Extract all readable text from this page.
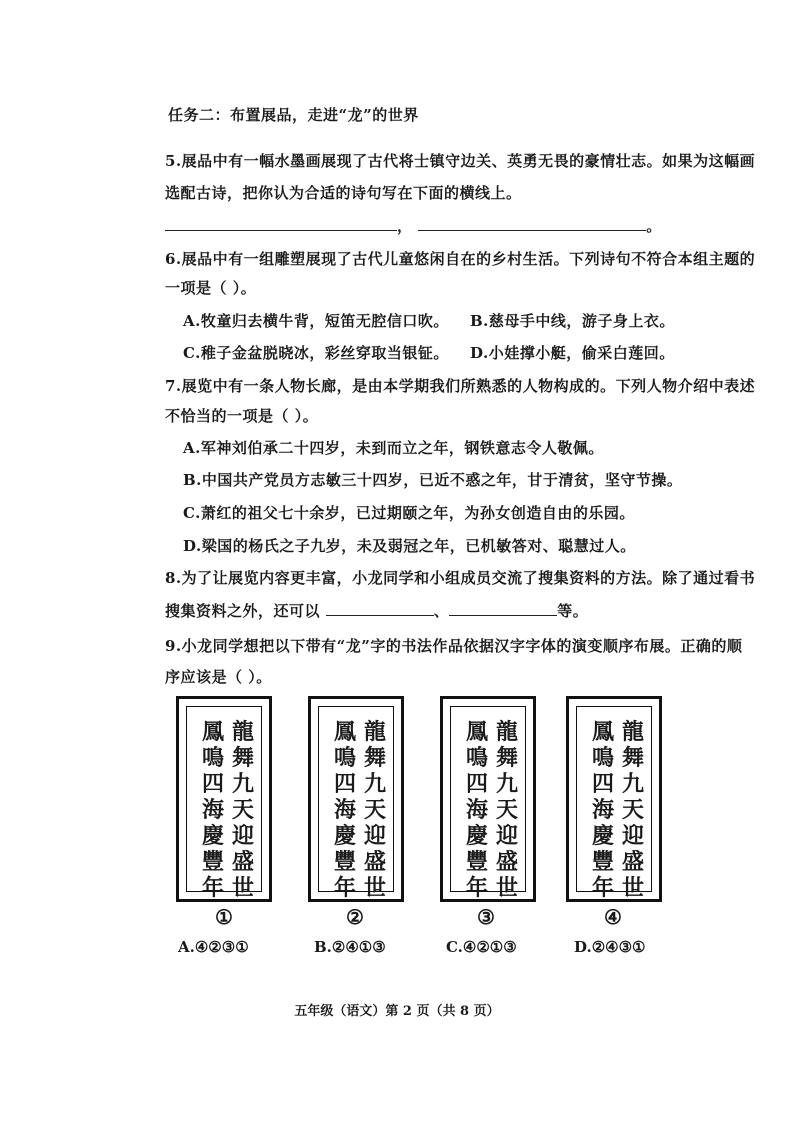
任务二：布置展品，走进“龙”的世界
5.展品中有一幅水墨画展现了古代将士镇守边关、英勇无畏的豪情壮志。如果为这幅画
选配古诗，把你认为合适的诗句写在下面的横线上。
，	。
6.展品中有一组雕塑展现了古代儿童悠闲自在的乡村生活。下列诗句不符合本组主题的
一项是（ ）。
A.牧童归去横牛背，短笛无腔信口吹。 B.慈母手中线，游子身上衣。
C.稚子金盆脱晓冰，彩丝穿取当银钲。 D.小娃撑小艇，偷采白莲回。
7.展览中有一条人物长廊，是由本学期我们所熟悉的人物构成的。下列人物介绍中表述
不恰当的一项是（ ）。
A.军神刘伯承二十四岁，未到而立之年，钢铁意志令人敬佩。
B.中国共产党员方志敏三十四岁，已近不惑之年，甘于清贫，坚守节操。
C.萧红的祖父七十余岁，已过期颐之年，为孙女创造自由的乐园。
D.梁国的杨氏之子九岁，未及弱冠之年，已机敏答对、聪慧过人。
8.为了让展览内容更丰富，小龙同学和小组成员交流了搜集资料的方法。除了通过看书
搜集资料之外，还可以	、	等。
9.小龙同学想把以下带有“龙”字的书法作品依据汉字字体的演变顺序布展。正确的顺
序应该是（ ）。
鳳鳴四海慶豐年
龍舞九天迎盛世
鳳鳴四海慶豐年
龍舞九天迎盛世
鳳鳴四海慶豐年
龍舞九天迎盛世
鳳鳴四海慶豐年
龍舞九天迎盛世
①	②	③	④
A.④②③①	B.②④①③	C.④②①③	D.②④③①
五年级（语文）第 2 页（共 8 页）
